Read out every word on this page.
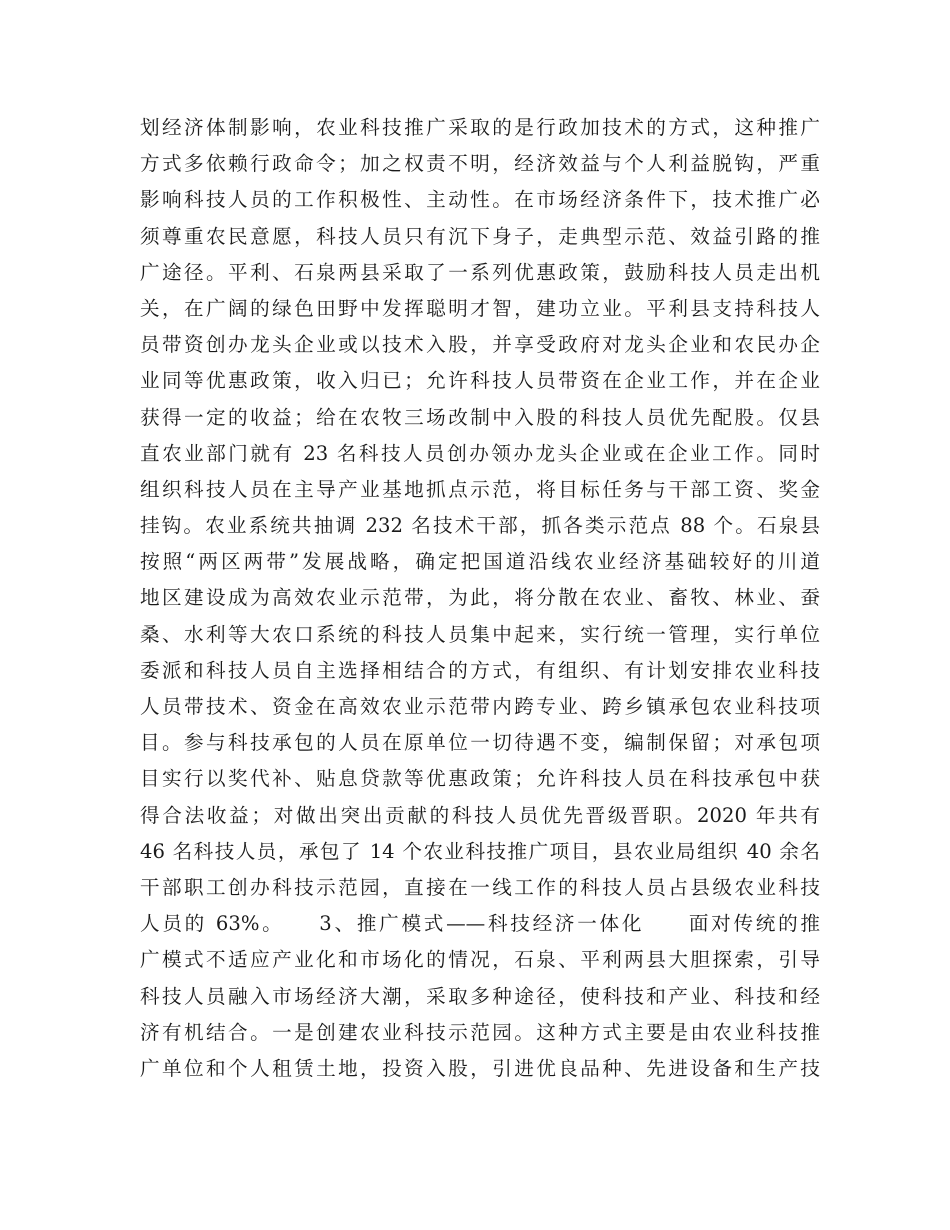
划经济体制影响，农业科技推广采取的是行政加技术的方式，这种推广
方式多依赖行政命令；加之权责不明，经济效益与个人利益脱钩，严重
影响科技人员的工作积极性、主动性。在市场经济条件下，技术推广必
须尊重农民意愿，科技人员只有沉下身子，走典型示范、效益引路的推
广途径。平利、石泉两县采取了一系列优惠政策，鼓励科技人员走出机
关，在广阔的绿色田野中发挥聪明才智，建功立业。平利县支持科技人
员带资创办龙头企业或以技术入股，并享受政府对龙头企业和农民办企
业同等优惠政策，收入归已；允许科技人员带资在企业工作，并在企业
获得一定的收益；给在农牧三场改制中入股的科技人员优先配股。仅县
直农业部门就有 23 名科技人员创办领办龙头企业或在企业工作。同时
组织科技人员在主导产业基地抓点示范，将目标任务与干部工资、奖金
挂钩。农业系统共抽调 232 名技术干部，抓各类示范点 88 个。石泉县
按照“两区两带”发展战略，确定把国道沿线农业经济基础较好的川道
地区建设成为高效农业示范带，为此，将分散在农业、畜牧、林业、蚕
桑、水利等大农口系统的科技人员集中起来，实行统一管理，实行单位
委派和科技人员自主选择相结合的方式，有组织、有计划安排农业科技
人员带技术、资金在高效农业示范带内跨专业、跨乡镇承包农业科技项
目。参与科技承包的人员在原单位一切待遇不变，编制保留；对承包项
目实行以奖代补、贴息贷款等优惠政策；允许科技人员在科技承包中获
得合法收益；对做出突出贡献的科技人员优先晋级晋职。2020 年共有
46 名科技人员，承包了 14 个农业科技推广项目，县农业局组织 40 余名
干部职工创办科技示范园，直接在一线工作的科技人员占县级农业科技
人员的 63%。　　3、推广模式——科技经济一体化　　面对传统的推
广模式不适应产业化和市场化的情况，石泉、平利两县大胆探索，引导
科技人员融入市场经济大潮，采取多种途径，使科技和产业、科技和经
济有机结合。一是创建农业科技示范园。这种方式主要是由农业科技推
广单位和个人租赁土地，投资入股，引进优良品种、先进设备和生产技
